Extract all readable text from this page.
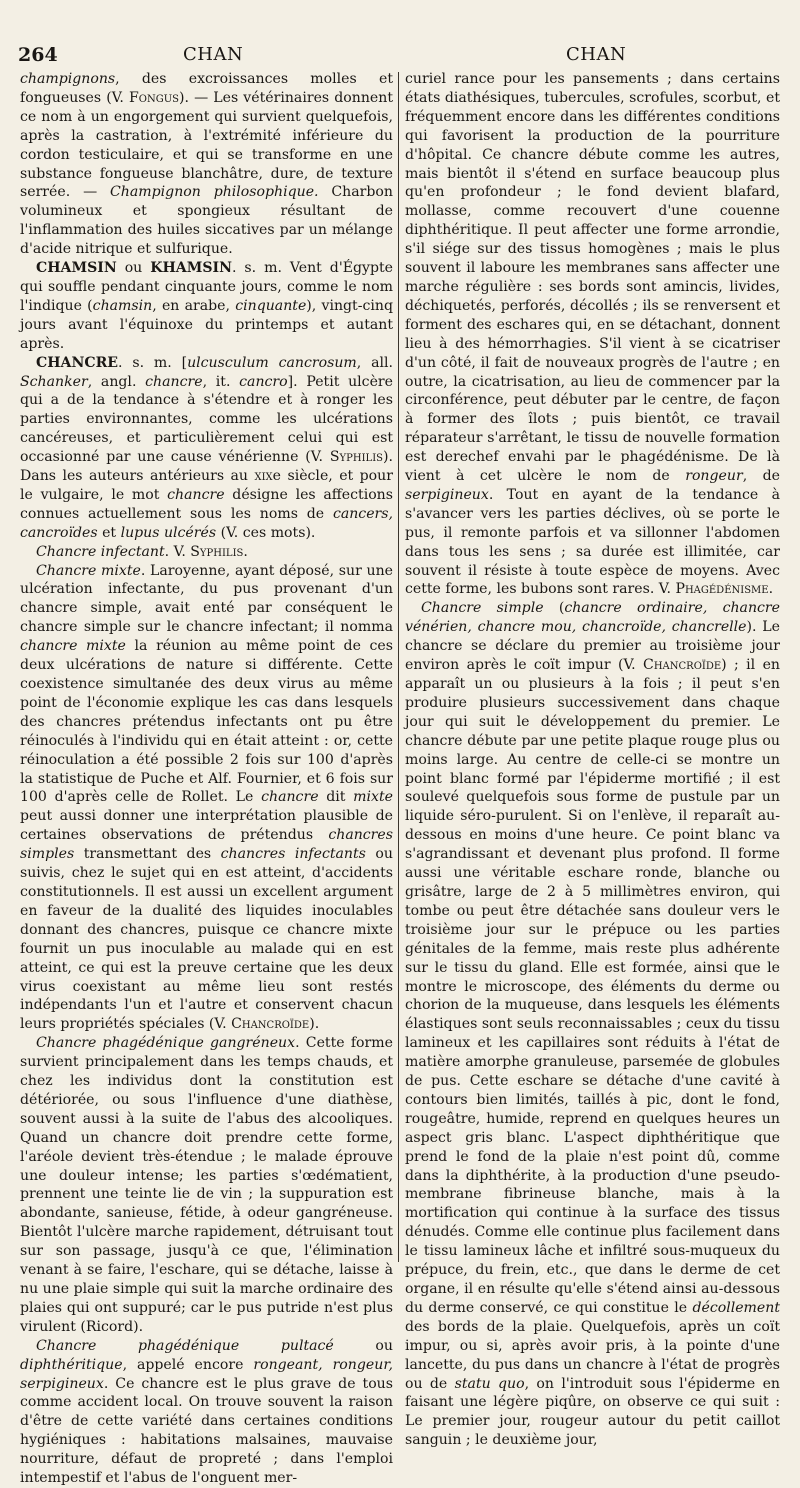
264	CHAN	CHAN

champignons, des excroissances molles et fongueuses (V. Fongus). — Les vétérinaires donnent ce nom à un engorgement qui survient quelquefois, après la castration, à l'extrémité inférieure du cordon testiculaire, et qui se transforme en une substance fongueuse blanchâtre, dure, de texture serrée. — Champignon philosophique. Charbon volumineux et spongieux résultant de l'inflammation des huiles siccatives par un mélange d'acide nitrique et sulfurique.

CHAMSIN ou KHAMSIN. s. m. Vent d'Égypte qui souffle pendant cinquante jours, comme le nom l'indique (chamsin, en arabe, cinquante), vingt-cinq jours avant l'équinoxe du printemps et autant après.

CHANCRE. s. m. [ulcusculum cancrosum, all. Schanker, angl. chancre, it. cancro]. Petit ulcère qui a de la tendance à s'étendre et à ronger les parties environnantes, comme les ulcérations cancéreuses, et particulièrement celui qui est occasionné par une cause vénérienne (V. Syphilis). Dans les auteurs antérieurs au xixe siècle, et pour le vulgaire, le mot chancre désigne les affections connues actuellement sous les noms de cancers, cancroïdes et lupus ulcérés (V. ces mots).

Chancre infectant. V. Syphilis.

Chancre mixte. Laroyenne, ayant déposé, sur une ulcération infectante, du pus provenant d'un chancre simple, avait enté par conséquent le chancre simple sur le chancre infectant; il nomma chancre mixte la réunion au même point de ces deux ulcérations de nature si différente. Cette coexistence simultanée des deux virus au même point de l'économie explique les cas dans lesquels des chancres prétendus infectants ont pu être réinoculés à l'individu qui en était atteint : or, cette réinoculation a été possible 2 fois sur 100 d'après la statistique de Puche et Alf. Fournier, et 6 fois sur 100 d'après celle de Rollet. Le chancre dit mixte peut aussi donner une interprétation plausible de certaines observations de prétendus chancres simples transmettant des chancres infectants ou suivis, chez le sujet qui en est atteint, d'accidents constitutionnels. Il est aussi un excellent argument en faveur de la dualité des liquides inoculables donnant des chancres, puisque ce chancre mixte fournit un pus inoculable au malade qui en est atteint, ce qui est la preuve certaine que les deux virus coexistant au même lieu sont restés indépendants l'un et l'autre et conservent chacun leurs propriétés spéciales (V. Chancroïde).

Chancre phagédénique gangréneux. Cette forme survient principalement dans les temps chauds, et chez les individus dont la constitution est détériorée, ou sous l'influence d'une diathèse, souvent aussi à la suite de l'abus des alcooliques. Quand un chancre doit prendre cette forme, l'aréole devient très-étendue ; le malade éprouve une douleur intense; les parties s'œdématient, prennent une teinte lie de vin ; la suppuration est abondante, sanieuse, fétide, à odeur gangréneuse. Bientôt l'ulcère marche rapidement, détruisant tout sur son passage, jusqu'à ce que, l'élimination venant à se faire, l'eschare, qui se détache, laisse à nu une plaie simple qui suit la marche ordinaire des plaies qui ont suppuré; car le pus putride n'est plus virulent (Ricord).

Chancre phagédénique pultacé ou diphthéritique, appelé encore rongeant, rongeur, serpigineux. Ce chancre est le plus grave de tous comme accident local. On trouve souvent la raison d'être de cette variété dans certaines conditions hygiéniques : habitations malsaines, mauvaise nourriture, défaut de propreté ; dans l'emploi intempestif et l'abus de l'onguent mer-

curiel rance pour les pansements ; dans certains états diathésiques, tubercules, scrofules, scorbut, et fréquemment encore dans les différentes conditions qui favorisent la production de la pourriture d'hôpital. Ce chancre débute comme les autres, mais bientôt il s'étend en surface beaucoup plus qu'en profondeur ; le fond devient blafard, mollasse, comme recouvert d'une couenne diphthéritique. Il peut affecter une forme arrondie, s'il siége sur des tissus homogènes ; mais le plus souvent il laboure les membranes sans affecter une marche régulière : ses bords sont amincis, livides, déchiquetés, perforés, décollés ; ils se renversent et forment des eschares qui, en se détachant, donnent lieu à des hémorrhagies. S'il vient à se cicatriser d'un côté, il fait de nouveaux progrès de l'autre ; en outre, la cicatrisation, au lieu de commencer par la circonférence, peut débuter par le centre, de façon à former des îlots ; puis bientôt, ce travail réparateur s'arrêtant, le tissu de nouvelle formation est derechef envahi par le phagédénisme. De là vient à cet ulcère le nom de rongeur, de serpigineux. Tout en ayant de la tendance à s'avancer vers les parties déclives, où se porte le pus, il remonte parfois et va sillonner l'abdomen dans tous les sens ; sa durée est illimitée, car souvent il résiste à toute espèce de moyens. Avec cette forme, les bubons sont rares. V. Phagédénisme.

Chancre simple (chancre ordinaire, chancre vénérien, chancre mou, chancroïde, chancrelle). Le chancre se déclare du premier au troisième jour environ après le coït impur (V. Chancroïde) ; il en apparaît un ou plusieurs à la fois ; il peut s'en produire plusieurs successivement dans chaque jour qui suit le développement du premier. Le chancre débute par une petite plaque rouge plus ou moins large. Au centre de celle-ci se montre un point blanc formé par l'épiderme mortifié ; il est soulevé quelquefois sous forme de pustule par un liquide séro-purulent. Si on l'enlève, il reparaît au-dessous en moins d'une heure. Ce point blanc va s'agrandissant et devenant plus profond. Il forme aussi une véritable eschare ronde, blanche ou grisâtre, large de 2 à 5 millimètres environ, qui tombe ou peut être détachée sans douleur vers le troisième jour sur le prépuce ou les parties génitales de la femme, mais reste plus adhérente sur le tissu du gland. Elle est formée, ainsi que le montre le microscope, des éléments du derme ou chorion de la muqueuse, dans lesquels les éléments élastiques sont seuls reconnaissables ; ceux du tissu lamineux et les capillaires sont réduits à l'état de matière amorphe granuleuse, parsemée de globules de pus. Cette eschare se détache d'une cavité à contours bien limités, taillés à pic, dont le fond, rougeâtre, humide, reprend en quelques heures un aspect gris blanc. L'aspect diphthéritique que prend le fond de la plaie n'est point dû, comme dans la diphthérite, à la production d'une pseudo-membrane fibrineuse blanche, mais à la mortification qui continue à la surface des tissus dénudés. Comme elle continue plus facilement dans le tissu lamineux lâche et infiltré sous-muqueux du prépuce, du frein, etc., que dans le derme de cet organe, il en résulte qu'elle s'étend ainsi au-dessous du derme conservé, ce qui constitue le décollement des bords de la plaie. Quelquefois, après un coït impur, ou si, après avoir pris, à la pointe d'une lancette, du pus dans un chancre à l'état de progrès ou de statu quo, on l'introduit sous l'épiderme en faisant une légère piqûre, on observe ce qui suit : Le premier jour, rougeur autour du petit caillot sanguin ; le deuxième jour,
